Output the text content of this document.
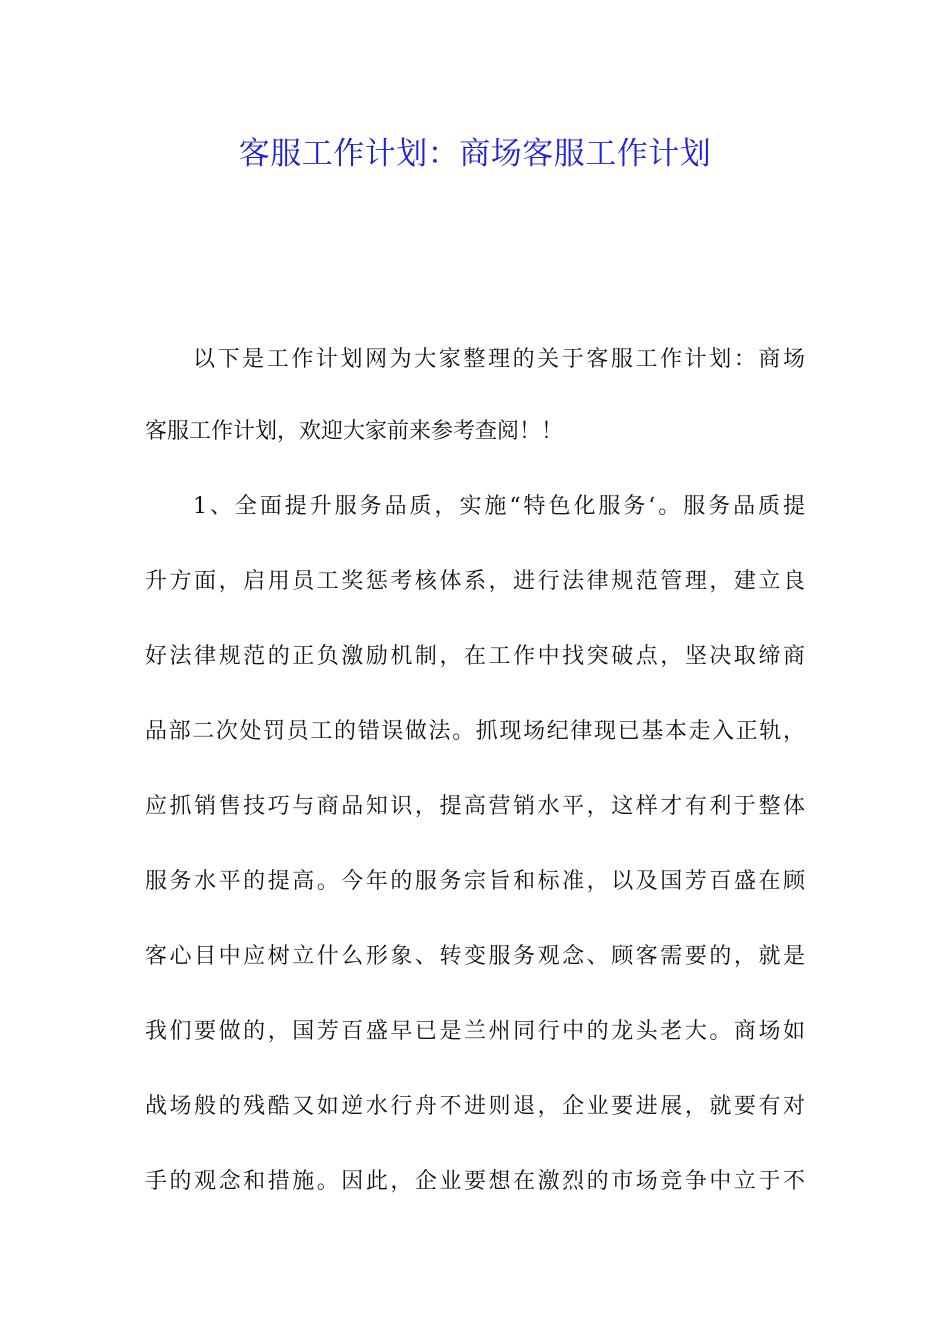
客服工作计划：商场客服工作计划
以下是工作计划网为大家整理的关于客服工作计划：商场
客服工作计划，欢迎大家前来参考查阅！！
1、全面提升服务品质，实施“特色化服务‘。服务品质提
升方面，启用员工奖惩考核体系，进行法律规范管理，建立良
好法律规范的正负激励机制，在工作中找突破点，坚决取缔商
品部二次处罚员工的错误做法。抓现场纪律现已基本走入正轨，
应抓销售技巧与商品知识，提高营销水平，这样才有利于整体
服务水平的提高。今年的服务宗旨和标准，以及国芳百盛在顾
客心目中应树立什么形象、转变服务观念、顾客需要的，就是
我们要做的，国芳百盛早已是兰州同行中的龙头老大。商场如
战场般的残酷又如逆水行舟不进则退，企业要进展，就要有对
手的观念和措施。因此，企业要想在激烈的市场竞争中立于不
